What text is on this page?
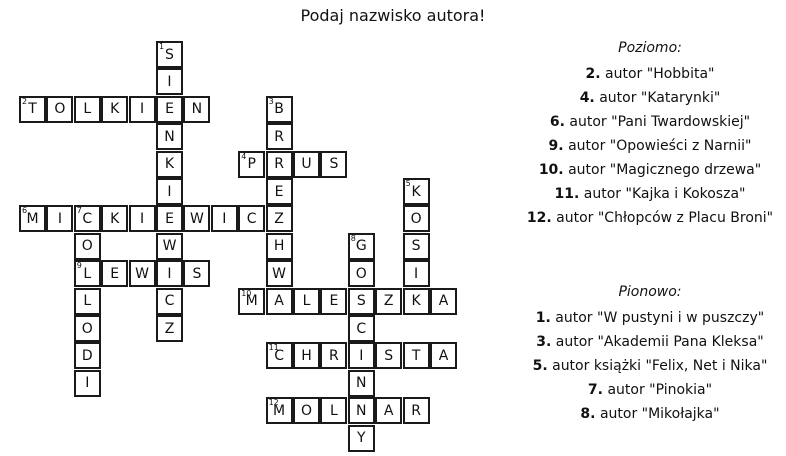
Podaj nazwisko autora!
T
2 O L K I E N
P
4 R U S
M
6 I C
7 K I E W I C Z
L
9 E W I S
M
10 A L E S Z K A
C
11 H R I S T A
M
12 O L N A R
S
1
I
N
K
I
W
C
Z
B
3
R
E
H
W
K
5
O
S
I
O
L
O
D
I
G
8
O
C
N
Y
Poziomo:
2. autor "Hobbita"
4. autor "Katarynki"
6. autor "Pani Twardowskiej"
9. autor "Opowieści z Narnii"
10. autor "Magicznego drzewa"
11. autor "Kajka i Kokosza"
12. autor "Chłopców z Placu Broni"
Pionowo:
1. autor "W pustyni i w puszczy"
3. autor "Akademii Pana Kleksa"
5. autor książki "Felix, Net i Nika"
7. autor "Pinokia"
8. autor "Mikołajka"
